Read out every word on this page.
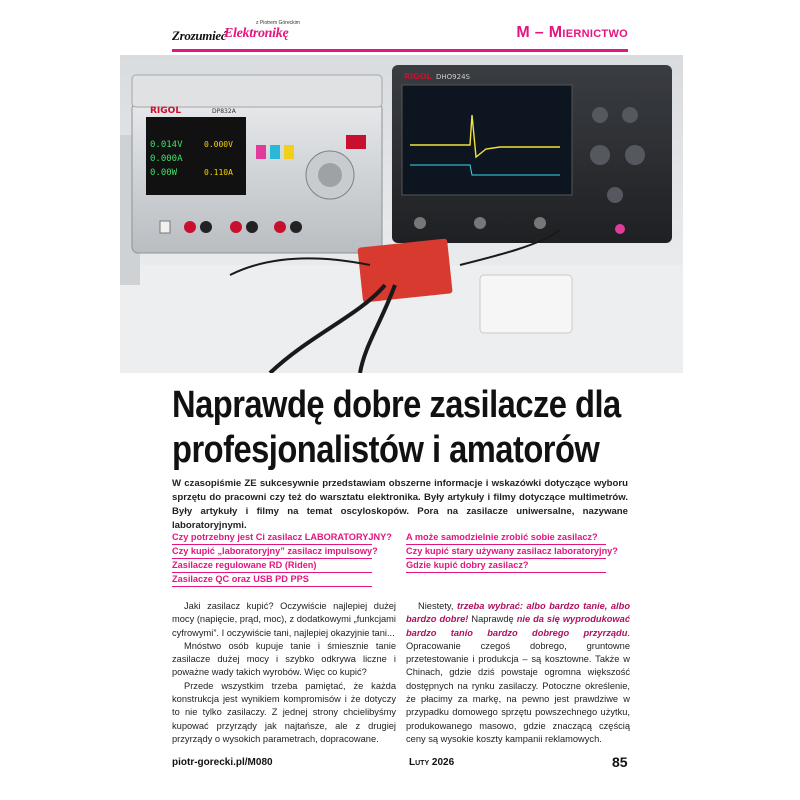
z Piotrem Góreckim
Zrozumieć
Elektronikę	M – Miernictwo
0.014V
0.000A
0.00W
0.000V
0.110A
RIGOL	DP832A
RIGOL DHO924S
Naprawdę dobre zasilacze dla
profesjonalistów i amatorów
W czasopiśmie ZE sukcesywnie przedstawiam obszerne informacje i wskazówki dotyczące wyboru sprzętu do pracowni czy też do warsztatu elektronika. Były artykuły i filmy dotyczące multimetrów. Były artykuły i filmy na temat oscyloskopów. Pora na zasilacze uniwersalne, nazywane laboratoryjnymi.
Czy potrzebny jest Ci zasilacz LABORATORYJNY?
Czy kupić „laboratoryjny” zasilacz impulsowy?
Zasilacze regulowane RD (Riden)
Zasilacze QC oraz USB PD PPS
A może samodzielnie zrobić sobie zasilacz?
Czy kupić stary używany zasilacz laboratoryjny?
Gdzie kupić dobry zasilacz?

Jaki zasilacz kupić? Oczywiście najlepiej dużej mocy (napięcie, prąd, moc), z dodatkowymi „funkcjami cyfrowymi”. I oczywiście tani, najlepiej okazyjnie tani...

Mnóstwo osób kupuje tanie i śmiesznie tanie zasilacze dużej mocy i szybko odkrywa liczne i poważne wady takich wyrobów. Więc co kupić?

Przede wszystkim trzeba pamiętać, że każda konstrukcja jest wynikiem kompromisów i że dotyczy to nie tylko zasilaczy. Z jednej strony chcielibyśmy kupować przyrządy jak najtańsze, ale z drugiej przyrządy o wysokich parametrach, dopracowane.

Niestety, trzeba wybrać: albo bardzo tanie, albo bardzo dobre! Naprawdę nie da się wyprodukować bardzo tanio bardzo dobrego przyrządu. Opracowanie czegoś dobrego, gruntowne przetestowanie i produkcja – są kosztowne. Także w Chinach, gdzie dziś powstaje ogromna większość dostępnych na rynku zasilaczy. Potoczne określenie, że płacimy za markę, na pewno jest prawdziwe w przypadku domowego sprzętu powszechnego użytku, produkowanego masowo, gdzie znaczącą częścią ceny są wysokie koszty kampanii reklamowych.

piotr-gorecki.pl/M080	Luty 2026	85
